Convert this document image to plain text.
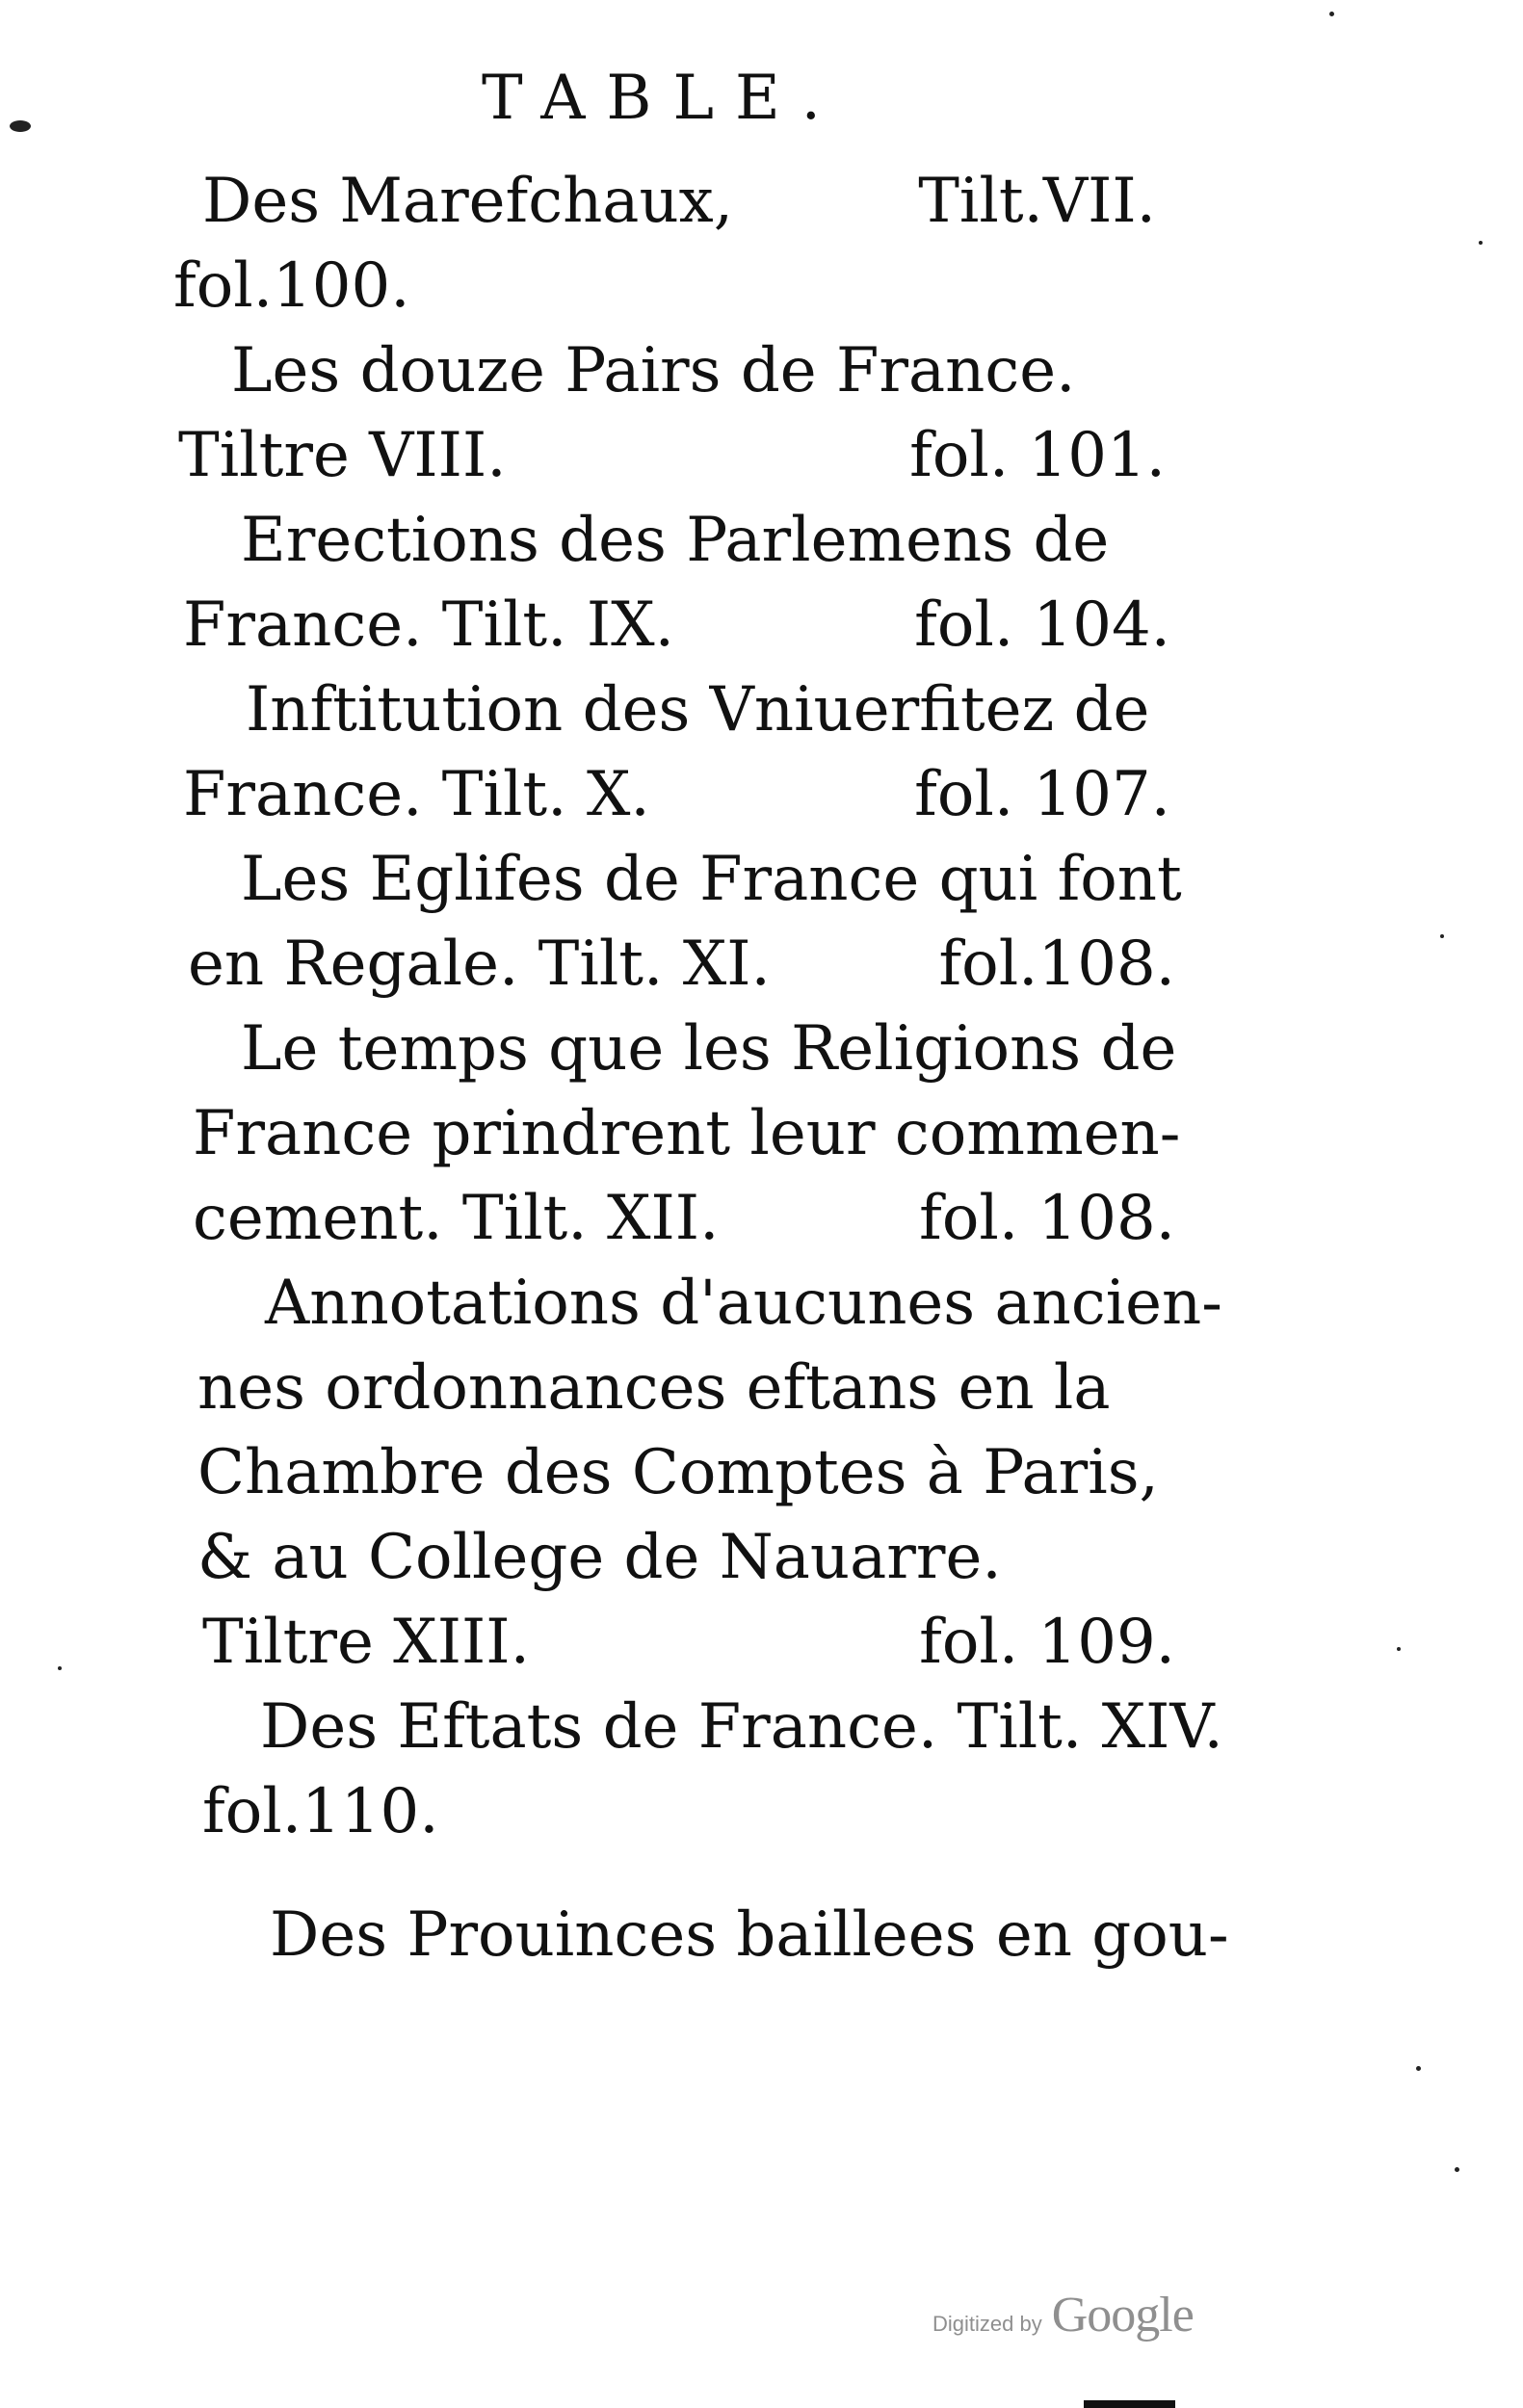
TABLE.
Des Marefchaux,	Tilt.VII.
fol.100.
Les douze Pairs de France.
Tiltre VIII.	fol. 101.
Erections des Parlemens de
France. Tilt. IX.	fol. 104.
Inftitution des Vniuerfitez de
France. Tilt. X.	fol. 107.
Les Eglifes de France qui font
en Regale. Tilt. XI.	fol.108.
Le temps que les Religions de
France prindrent leur commen-
cement. Tilt. XII.	fol. 108.
Annotations d'aucunes ancien-
nes ordonnances eftans en la
Chambre des Comptes à Paris,
& au College de Nauarre.
Tiltre XIII.	fol. 109.
Des Eftats de France. Tilt. XIV.
fol.110.
Des Prouinces baillees en gou-
Digitized by Google
